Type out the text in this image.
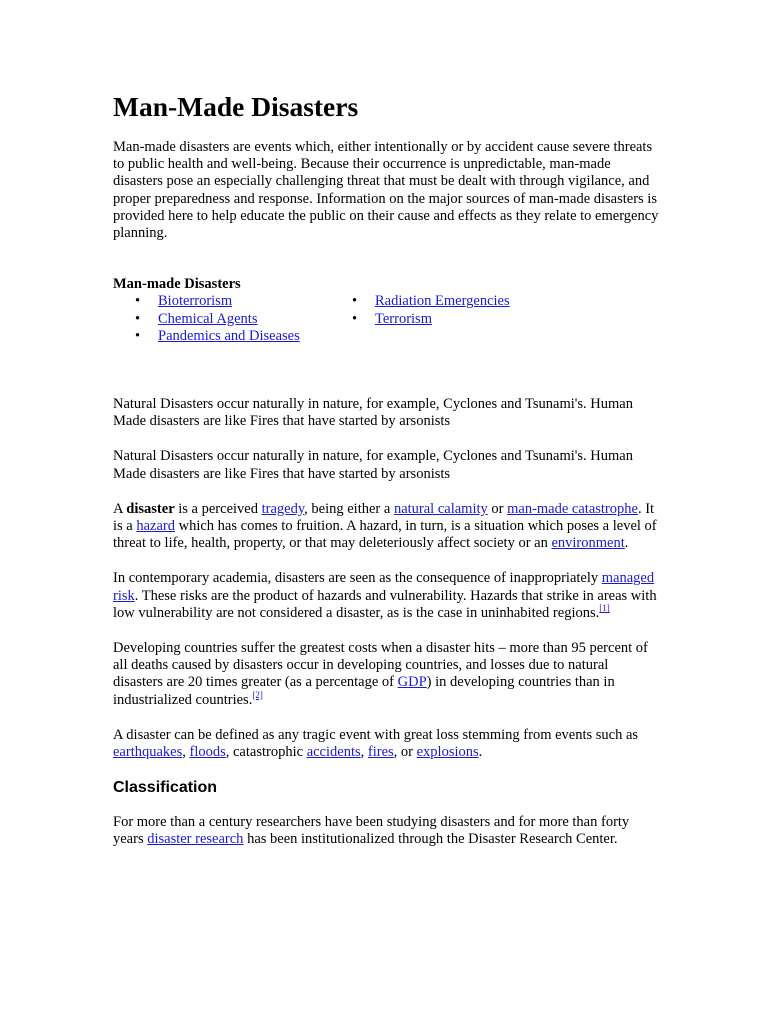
Man-Made Disasters

Man-made disasters are events which, either intentionally or by accident cause severe threats to public health and well-being. Because their occurrence is unpredictable, man-made disasters pose an especially challenging threat that must be dealt with through vigilance, and proper preparedness and response. Information on the major sources of man-made disasters is provided here to help educate the public on their cause and effects as they relate to emergency planning.

Man-made Disasters
• Bioterrorism
• Chemical Agents
• Pandemics and Diseases
• Radiation Emergencies
• Terrorism

Natural Disasters occur naturally in nature, for example, Cyclones and Tsunami's. Human Made disasters are like Fires that have started by arsonists

Natural Disasters occur naturally in nature, for example, Cyclones and Tsunami's. Human Made disasters are like Fires that have started by arsonists

A disaster is a perceived tragedy, being either a natural calamity or man-made catastrophe. It is a hazard which has comes to fruition. A hazard, in turn, is a situation which poses a level of threat to life, health, property, or that may deleteriously affect society or an environment.

In contemporary academia, disasters are seen as the consequence of inappropriately managed risk. These risks are the product of hazards and vulnerability. Hazards that strike in areas with low vulnerability are not considered a disaster, as is the case in uninhabited regions.[1]

Developing countries suffer the greatest costs when a disaster hits – more than 95 percent of all deaths caused by disasters occur in developing countries, and losses due to natural disasters are 20 times greater (as a percentage of GDP) in developing countries than in industrialized countries.[2]

A disaster can be defined as any tragic event with great loss stemming from events such as earthquakes, floods, catastrophic accidents, fires, or explosions.

Classification

For more than a century researchers have been studying disasters and for more than forty years disaster research has been institutionalized through the Disaster Research Center.
